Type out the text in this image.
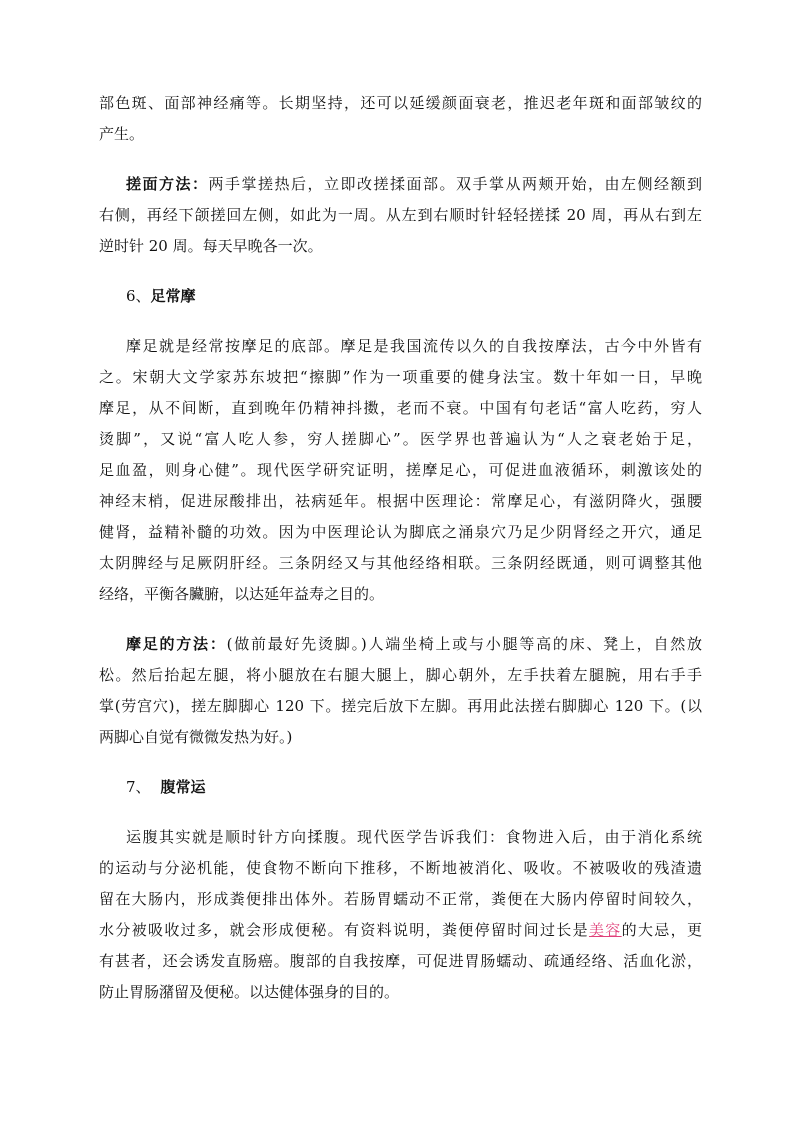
部色斑、面部神经痛等。长期坚持，还可以延缓颜面衰老，推迟老年斑和面部皱纹的
产生。
搓面方法：两手掌搓热后，立即改搓揉面部。双手掌从两颊开始，由左侧经额到
右侧，再经下颌搓回左侧，如此为一周。从左到右顺时针轻轻搓揉 20 周，再从右到左
逆时针 20 周。每天早晚各一次。
6、足常摩
摩足就是经常按摩足的底部。摩足是我国流传以久的自我按摩法，古今中外皆有
之。宋朝大文学家苏东坡把“擦脚”作为一项重要的健身法宝。数十年如一日，早晚
摩足，从不间断，直到晚年仍精神抖擞，老而不衰。中国有句老话“富人吃药，穷人
烫脚”，又说“富人吃人参，穷人搓脚心”。医学界也普遍认为“人之衰老始于足，
足血盈，则身心健”。现代医学研究证明，搓摩足心，可促进血液循环，刺激该处的
神经末梢，促进尿酸排出，祛病延年。根据中医理论：常摩足心，有滋阴降火，强腰
健肾，益精补髓的功效。因为中医理论认为脚底之涌泉穴乃足少阴肾经之开穴，通足
太阴脾经与足厥阴肝经。三条阴经又与其他经络相联。三条阴经既通，则可调整其他
经络，平衡各臟腑，以达延年益寿之目的。
摩足的方法：(做前最好先烫脚。)人端坐椅上或与小腿等高的床、凳上，自然放
松。然后抬起左腿，将小腿放在右腿大腿上，脚心朝外，左手扶着左腿腕，用右手手
掌(劳宫穴)，搓左脚脚心 120 下。搓完后放下左脚。再用此法搓右脚脚心 120 下。(以
两脚心自觉有微微发热为好。)
7、 腹常运
运腹其实就是顺时针方向揉腹。现代医学告诉我们：食物进入后，由于消化系统
的运动与分泌机能，使食物不断向下推移，不断地被消化、吸收。不被吸收的残渣遗
留在大肠内，形成粪便排出体外。若肠胃蠕动不正常，粪便在大肠内停留时间较久，
水分被吸收过多，就会形成便秘。有资料说明，粪便停留时间过长是美容的大忌，更
有甚者，还会诱发直肠癌。腹部的自我按摩，可促进胃肠蠕动、疏通经络、活血化淤，
防止胃肠潴留及便秘。以达健体强身的目的。
